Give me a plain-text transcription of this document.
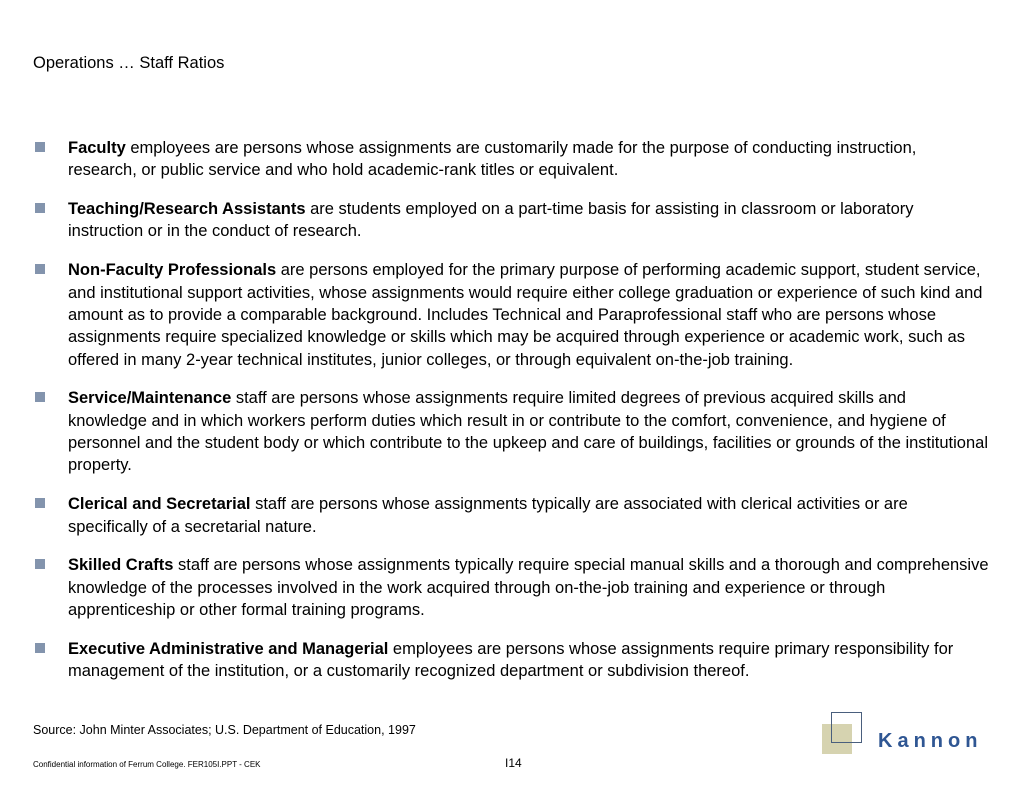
Operations … Staff Ratios
Faculty employees are persons whose assignments are customarily made for the purpose of conducting instruction, research, or public service and who hold academic-rank titles or equivalent.
Teaching/Research Assistants are students employed on a part-time basis for assisting in classroom or laboratory instruction or in the conduct of research.
Non-Faculty Professionals are persons employed for the primary purpose of performing academic support, student service, and institutional support activities, whose assignments would require either college graduation or experience of such kind and amount as to provide a comparable background. Includes Technical and Paraprofessional staff who are persons whose assignments require specialized knowledge or skills which may be acquired through experience or academic work, such as offered in many 2-year technical institutes, junior colleges, or through equivalent on-the-job training.
Service/Maintenance staff are persons whose assignments require limited degrees of previous acquired skills and knowledge and in which workers perform duties which result in or contribute to the comfort, convenience, and hygiene of personnel and the student body or which contribute to the upkeep and care of buildings, facilities or grounds of the institutional property.
Clerical and Secretarial staff are persons whose assignments typically are associated with clerical activities or are specifically of a secretarial nature.
Skilled Crafts staff are persons whose assignments typically require special manual skills and a thorough and comprehensive knowledge of the processes involved in the work acquired through on-the-job training and experience or through apprenticeship or other formal training programs.
Executive Administrative and Managerial employees are persons whose assignments require primary responsibility for management of the institution, or a customarily recognized department or subdivision thereof.
Source: John Minter Associates; U.S. Department of Education, 1997
Confidential information of Ferrum College. FER105I.PPT - CEK	I14
Kannon
